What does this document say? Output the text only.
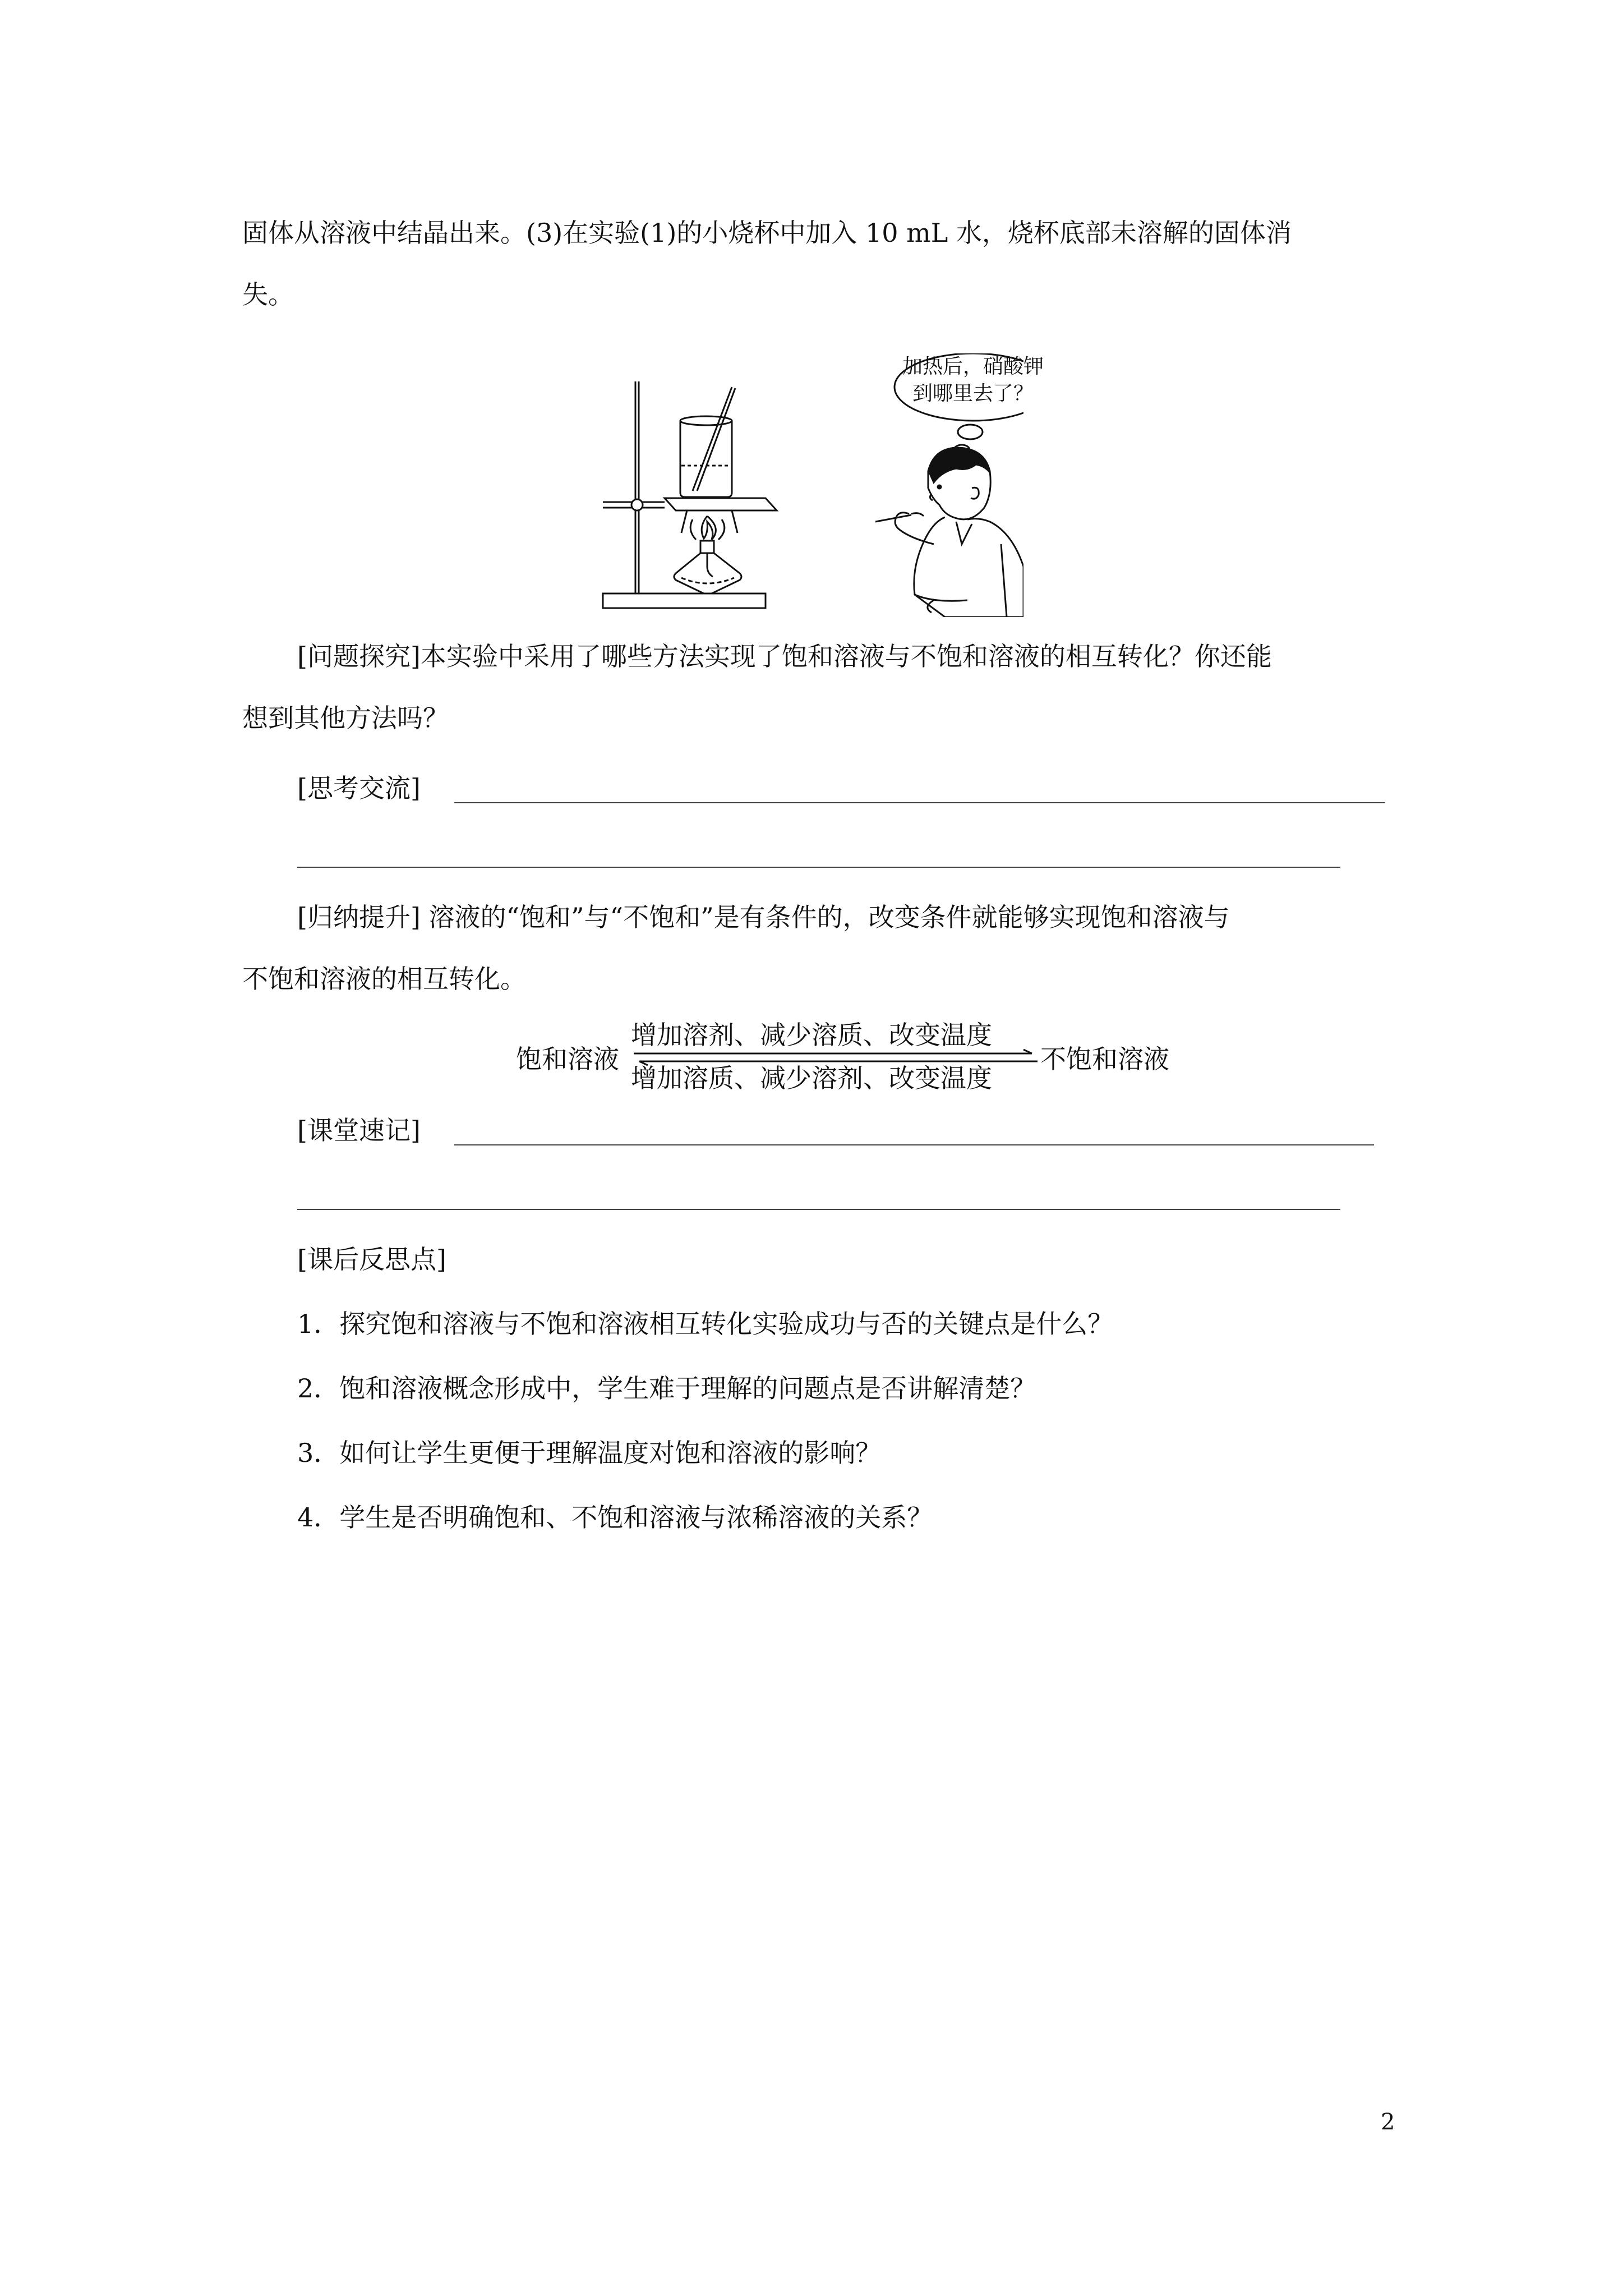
固体从溶液中结晶出来。(3)在实验(1)的小烧杯中加入 10 mL 水，烧杯底部未溶解的固体消
失。
加热后，硝酸钾
到哪里去了？
[问题探究]本实验中采用了哪些方法实现了饱和溶液与不饱和溶液的相互转化？你还能
想到其他方法吗？
[思考交流]
[归纳提升] 溶液的“饱和”与“不饱和”是有条件的，改变条件就能够实现饱和溶液与
不饱和溶液的相互转化。
饱和溶液
增加溶剂、减少溶质、改变温度
增加溶质、减少溶剂、改变温度
不饱和溶液
[课堂速记]
[课后反思点]
1．探究饱和溶液与不饱和溶液相互转化实验成功与否的关键点是什么？
2．饱和溶液概念形成中，学生难于理解的问题点是否讲解清楚？
3．如何让学生更便于理解温度对饱和溶液的影响？
4．学生是否明确饱和、不饱和溶液与浓稀溶液的关系？
2
